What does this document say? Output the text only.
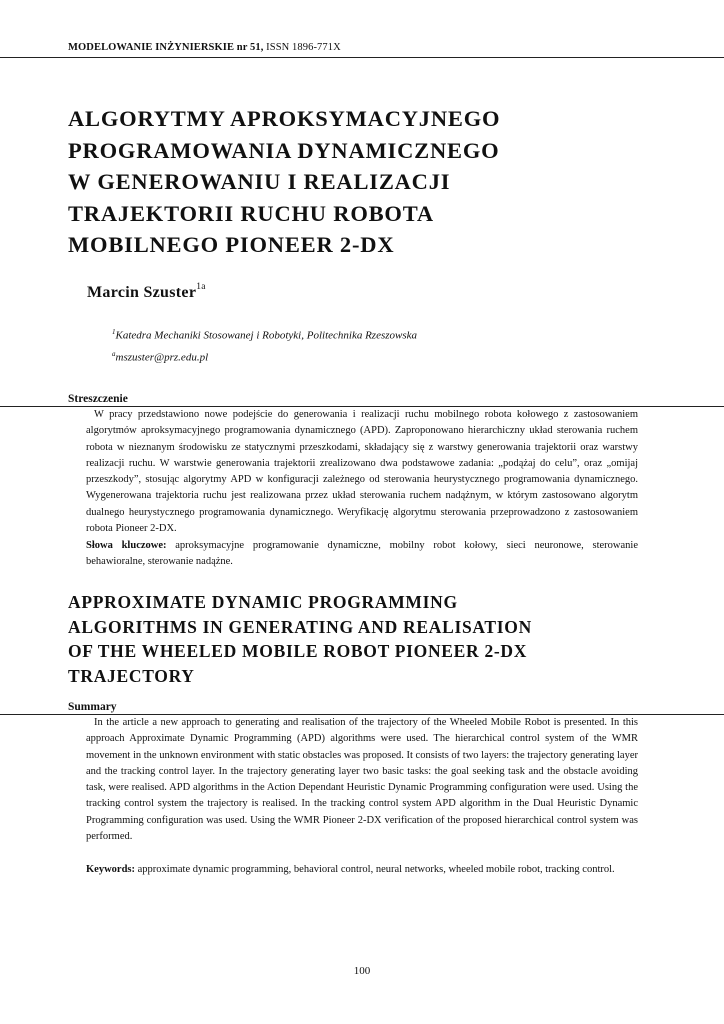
MODELOWANIE INŻYNIERSKIE nr 51, ISSN 1896-771X
ALGORYTMY APROKSYMACYJNEGO
PROGRAMOWANIA DYNAMICZNEGO
W GENEROWANIU I REALIZACJI
TRAJEKTORII RUCHU ROBOTA
MOBILNEGO PIONEER 2-DX
Marcin Szuster$^{1a}$
$^1$Katedra Mechaniki Stosowanej i Robotyki, Politechnika Rzeszowska
$^a$mszuster@prz.edu.pl
Streszczenie

W pracy przedstawiono nowe podejście do generowania i realizacji ruchu mobilnego robota kołowego z zastosowaniem algorytmów aproksymacyjnego programowania dynamicznego (APD). Zaproponowano hierarchiczny układ sterowania ruchem robota w nieznanym środowisku ze statycznymi przeszkodami, składający się z warstwy generowania trajektorii oraz warstwy realizacji ruchu. W warstwie generowania trajektorii zrealizowano dwa podstawowe zadania: „podążaj do celu”, oraz „omijaj przeszkody”, stosując algorytmy APD w konfiguracji zależnego od sterowania heurystycznego programowania dynamicznego. Wygenerowana trajektoria ruchu jest realizowana przez układ sterowania ruchem nadążnym, w którym zastosowano algorytm dualnego heurystycznego programowania dynamicznego. Weryfikację algorytmu sterowania przeprowadzono z zastosowaniem robota Pioneer 2-DX.

Słowa kluczowe: aproksymacyjne programowanie dynamiczne, mobilny robot kołowy, sieci neuronowe, sterowanie behawioralne, sterowanie nadążne.
APPROXIMATE DYNAMIC PROGRAMMING
ALGORITHMS IN GENERATING AND REALISATION
OF THE WHEELED MOBILE ROBOT PIONEER 2-DX
TRAJECTORY
Summary

In the article a new approach to generating and realisation of the trajectory of the Wheeled Mobile Robot is presented. In this approach Approximate Dynamic Programming (APD) algorithms were used. The hierarchical control system of the WMR movement in the unknown environment with static obstacles was proposed. It consists of two layers: the trajectory generating layer and the tracking control layer. In the trajectory generating layer two basic tasks: the goal seeking task and the obstacle avoiding task, were realised. APD algorithms in the Action Dependant Heuristic Dynamic Programming configuration were used. Using the tracking control system the trajectory is realised. In the tracking control system APD algorithm in the Dual Heuristic Dynamic Programming configuration was used. Using the WMR Pioneer 2-DX verification of the proposed hierarchical control system was performed.

Keywords: approximate dynamic programming, behavioral control, neural networks, wheeled mobile robot, tracking control.
100
